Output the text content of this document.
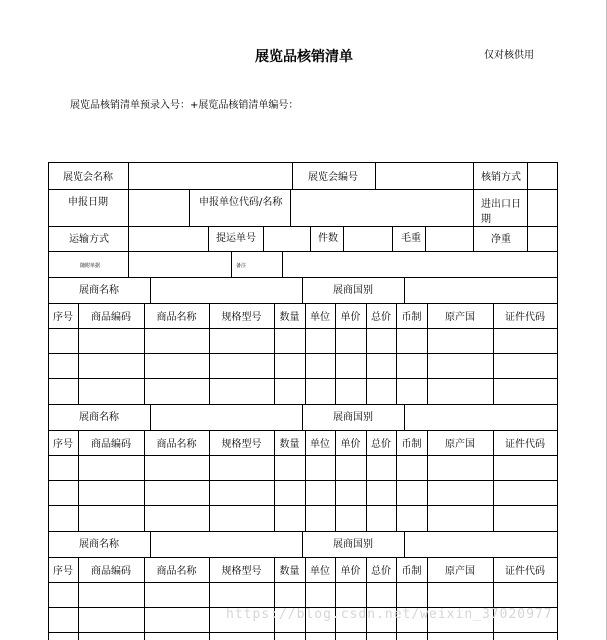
展览品核销清单	仅对核供用
展览品核销清单预录入号：+展览品核销清单编号：
展览会名称	展览会编号	核销方式
申报日期	申报单位代码/名称	进出口日期
运输方式	提运单号	件数	毛重	净重
随附单据	备注
展商名称	展商国别
序号	商品编码	商品名称	规格型号	数量	单位	单价	总价	币制	原产国	证件代码
展商名称	展商国别
序号	商品编码	商品名称	规格型号	数量	单位	单价	总价	币制	原产国	证件代码
展商名称	展商国别
序号	商品编码	商品名称	规格型号	数量	单位	单价	总价	币制	原产国	证件代码
https://blog.csdn.net/weixin_37020977
